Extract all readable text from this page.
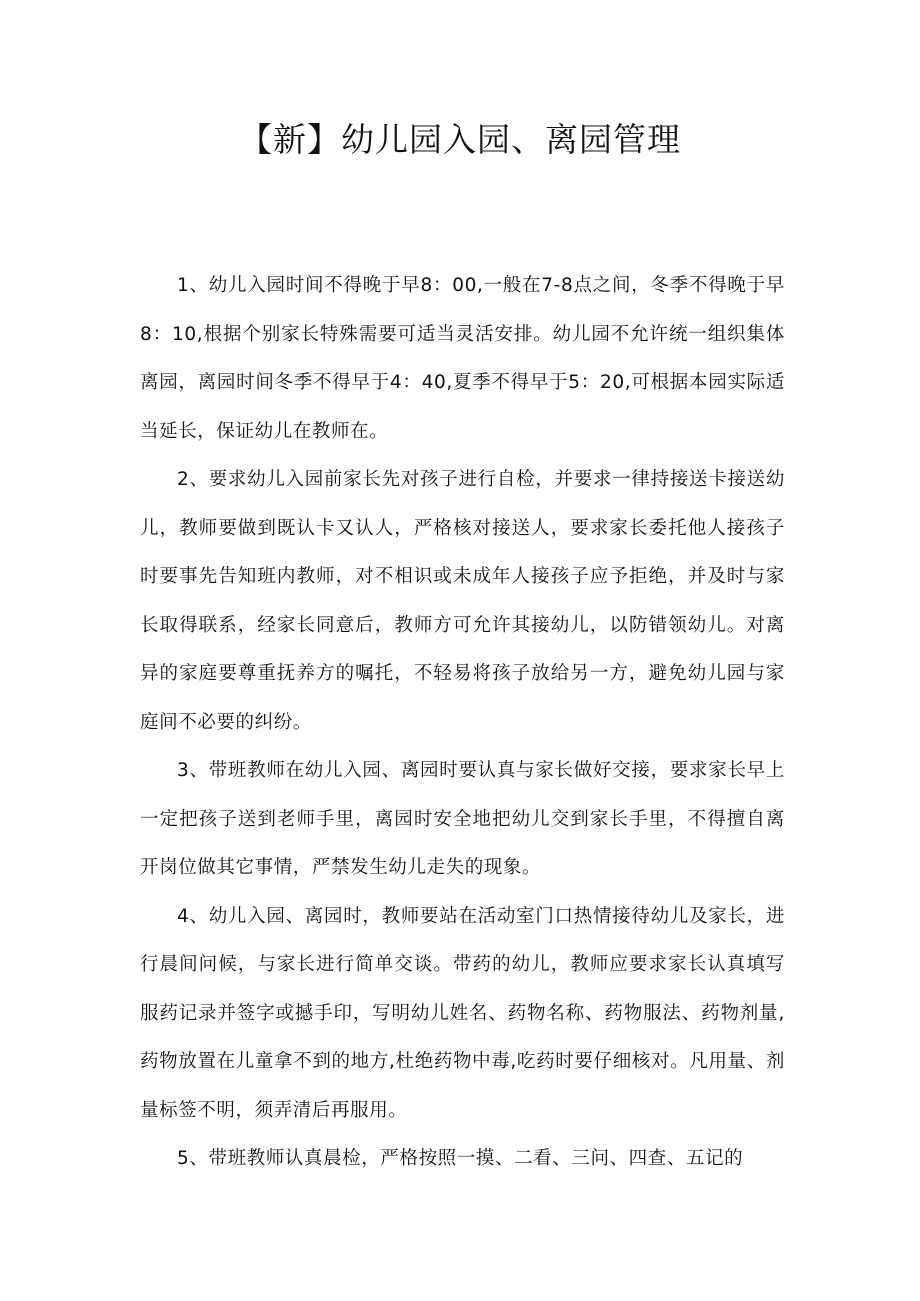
【新】幼儿园入园、离园管理

1、幼儿入园时间不得晚于早8：00,一般在7-8点之间，冬季不得晚于早8：10,根据个别家长特殊需要可适当灵活安排。幼儿园不允许统一组织集体离园，离园时间冬季不得早于4：40,夏季不得早于5：20,可根据本园实际适当延长，保证幼儿在教师在。

2、要求幼儿入园前家长先对孩子进行自检，并要求一律持接送卡接送幼儿，教师要做到既认卡又认人，严格核对接送人，要求家长委托他人接孩子时要事先告知班内教师，对不相识或未成年人接孩子应予拒绝，并及时与家长取得联系，经家长同意后，教师方可允许其接幼儿，以防错领幼儿。对离异的家庭要尊重抚养方的嘱托，不轻易将孩子放给另一方，避免幼儿园与家庭间不必要的纠纷。

3、带班教师在幼儿入园、离园时要认真与家长做好交接，要求家长早上一定把孩子送到老师手里，离园时安全地把幼儿交到家长手里，不得擅自离开岗位做其它事情，严禁发生幼儿走失的现象。

4、幼儿入园、离园时，教师要站在活动室门口热情接待幼儿及家长，进行晨间问候，与家长进行简单交谈。带药的幼儿，教师应要求家长认真填写服药记录并签字或撼手印，写明幼儿姓名、药物名称、药物服法、药物剂量,药物放置在儿童拿不到的地方,杜绝药物中毒,吃药时要仔细核对。凡用量、剂量标签不明，须弄清后再服用。

5、带班教师认真晨检，严格按照一摸、二看、三问、四查、五记的
